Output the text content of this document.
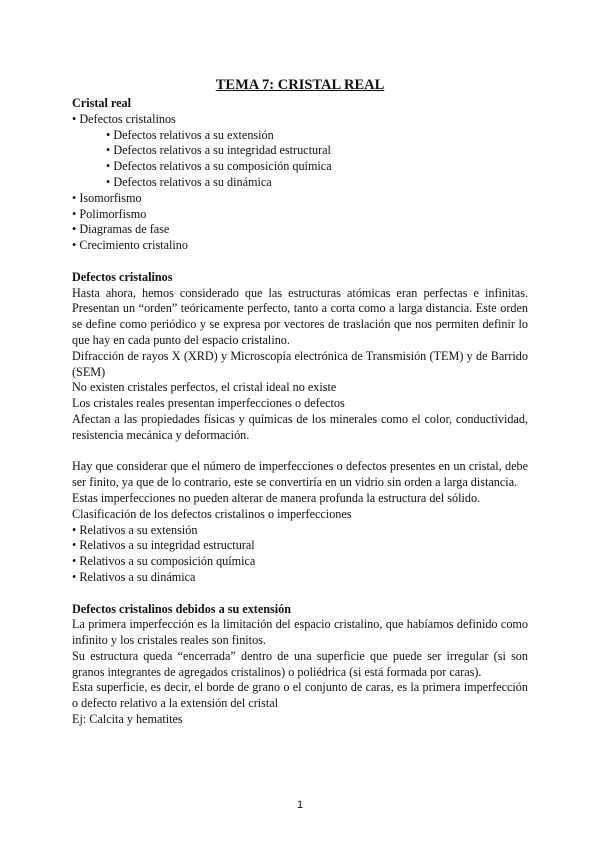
TEMA 7: CRISTAL REAL

Cristal real

• Defectos cristalinos

• Defectos relativos a su extensión

• Defectos relativos a su integridad estructural

• Defectos relativos a su composición química

• Defectos relativos a su dinámica

• Isomorfismo

• Polimorfismo

• Diagramas de fase

• Crecimiento cristalino

Defectos cristalinos

Hasta ahora, hemos considerado que las estructuras atómicas eran perfectas e infinitas. Presentan un “orden” teóricamente perfecto, tanto a corta como a larga distancia. Este orden se define como periódico y se expresa por vectores de traslación que nos permiten definir lo que hay en cada punto del espacio cristalino.

Difracción de rayos X (XRD) y Microscopía electrónica de Transmisión (TEM) y de Barrido (SEM)

No existen cristales perfectos, el cristal ideal no existe

Los cristales reales presentan imperfecciones o defectos

Afectan a las propiedades físicas y químicas de los minerales como el color, conductividad, resistencia mecánica y deformación.

Hay que considerar que el número de imperfecciones o defectos presentes en un cristal, debe ser finito, ya que de lo contrario, este se convertiría en un vidrio sin orden a larga distancia.

Estas imperfecciones no pueden alterar de manera profunda la estructura del sólido.

Clasificación de los defectos cristalinos o imperfecciones

• Relativos a su extensión

• Relativos a su integridad estructural

• Relativos a su composición química

• Relativos a su dinámica

Defectos cristalinos debidos a su extensión

La primera imperfección es la limitación del espacio cristalino, que habíamos definido como infinito y los cristales reales son finitos.

Su estructura queda “encerrada” dentro de una superficie que puede ser irregular (si son granos integrantes de agregados cristalinos) o poliédrica (si está formada por caras).

Esta superficie, es decir, el borde de grano o el conjunto de caras, es la primera imperfección o defecto relativo a la extensión del cristal

Ej: Calcita y hematites

1
